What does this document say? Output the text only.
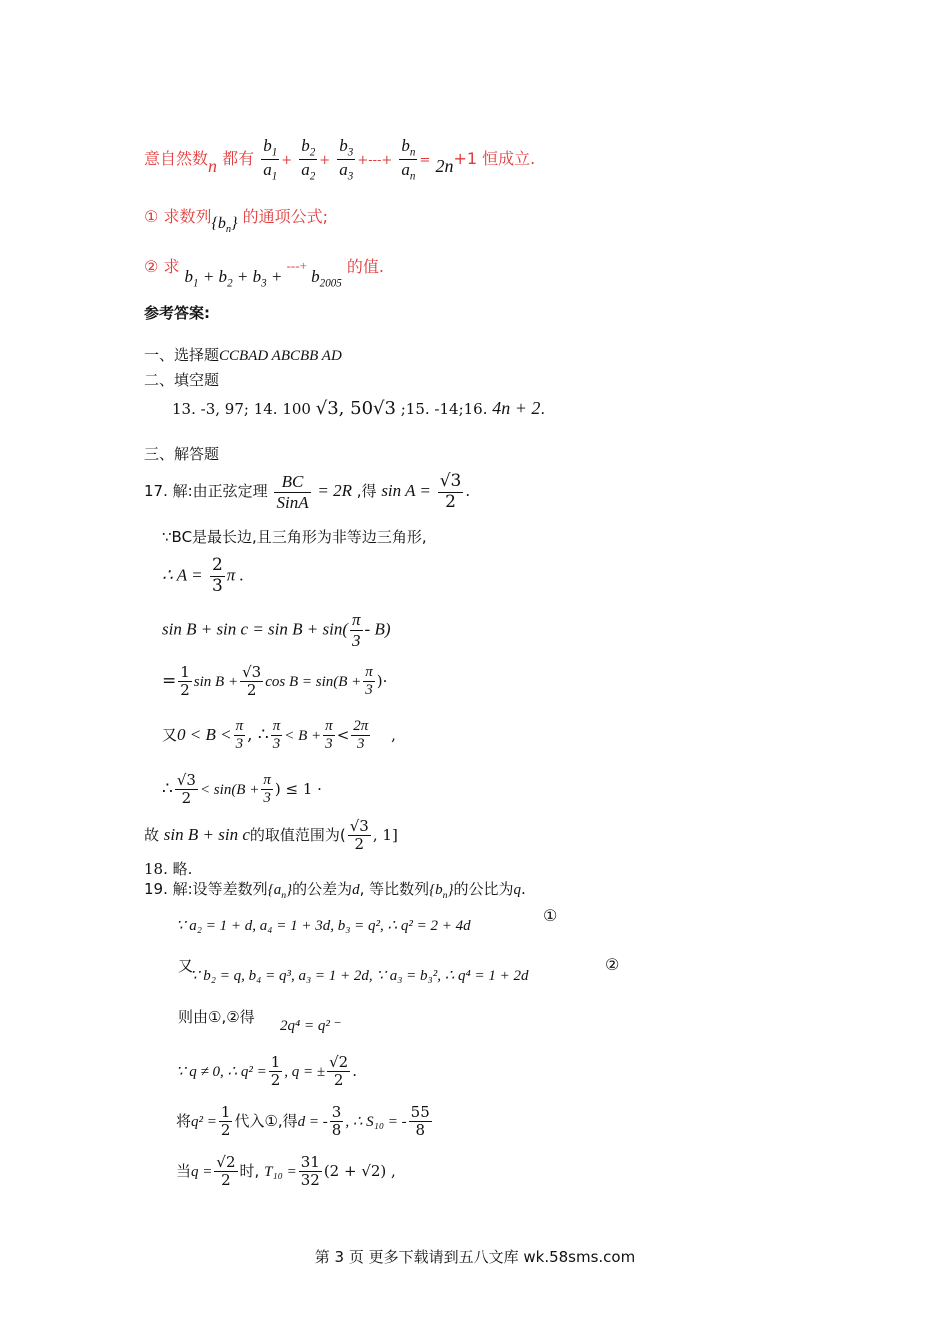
意自然数n 都有 $\frac{b_1}{a_1} + \frac{b_2}{a_2} + \frac{b_3}{a_3}$ +---+ $\frac{b_n}{a_n} = 2n+1$ 恒成立.
① 求数列$\{b_n\}$ 的通项公式;
② 求 $b_1 + b_2 + b_3 + ^{---+}$ $b_{2005}$ 的值.
参考答案:
一、选择题CCBAD ABCBB AD
二、填空题
13. -3, 97; 14. 100 √3, 50√3 ;15. -14;16. 4n + 2.
三、解答题
17. 解:由正弦定理 $\frac{BC}{\text{SinA}} = 2R$ ,得 $\sin A = \frac{√3}{2}$ .
∵BC是最长边,且三角形为非等边三角形,
∴ $A = \frac{2}{3}$ π .
$\sin B + \sin c = \sin B + \sin( \frac{\pi}{3} - B)$
= $\frac{1}{2}$ $\sin B + \frac{√3}{2}$ $\cos B = \sin(B + \frac{\pi}{3}$ )·
又$0 < B < \frac{\pi}{3}$ , ∴ $\frac{\pi}{3} < B + \frac{\pi}{3} < \frac{2\pi}{3}$ ,
∴ $\frac{√3}{2} < \sin(B + \frac{\pi}{3}$ ) ≤ 1 ·
故 sin B + sin c的取值范围为( $\frac{√3}{2}$ , 1]
18. 略.
19. 解:设等差数列$\{a_n\}$的公差为d, 等比数列$\{b_n\}$的公比为q.
∵ a₂ = 1 + d, a₄ = 1 + 3d, b₃ = q², ∴ q² = 2 + 4d
①
又
∵ b₂ = q, b₄ = q³, a₃ = 1 + 2d, ∵ a₃ = b₃², ∴ q⁴ = 1 + 2d
②
则由①,②得 2q⁴ = q² ⁻
∵ q ≠ 0, ∴ $q^2 = \frac{1}{2}$ , q = ± $\frac{√2}{2}$ .
将$q^2 = \frac{1}{2}$ 代入①,得d = - $\frac{3}{8}$ , ∴ S₁₀ = - $\frac{55}{8}$
当$q = \frac{√2}{2}$ 时, $T_{10} = \frac{31}{32} (2 + √2)$ ,
第 3 页 更多下载请到五八文库 wk.58sms.com
